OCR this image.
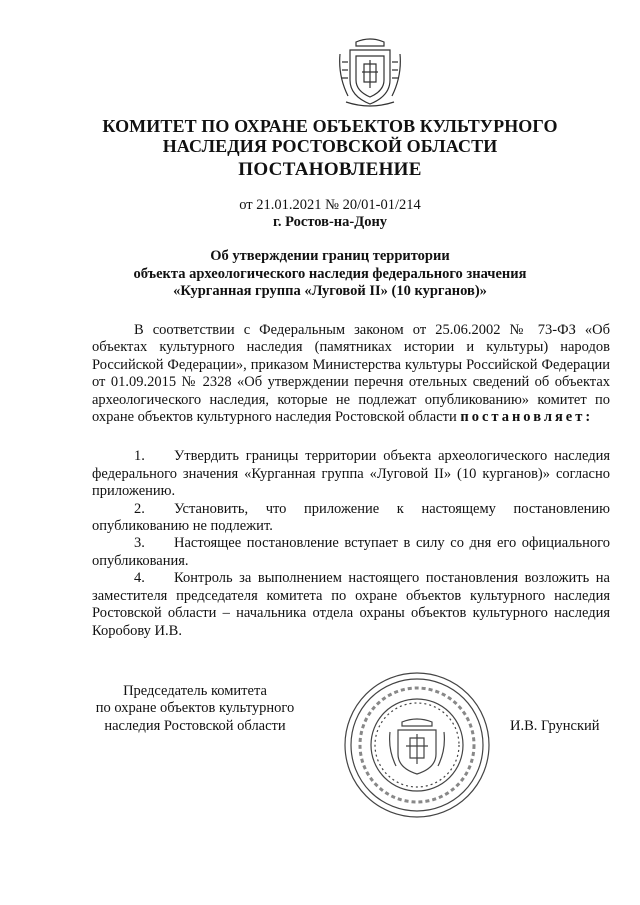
КОМИТЕТ ПО ОХРАНЕ ОБЪЕКТОВ КУЛЬТУРНОГО
НАСЛЕДИЯ РОСТОВСКОЙ ОБЛАСТИ
ПОСТАНОВЛЕНИЕ
от 21.01.2021 № 20/01-01/214
г. Ростов-на-Дону
Об утверждении границ территории
объекта археологического наследия федерального значения
«Курганная группа «Луговой II» (10 курганов)»

В соответствии с Федеральным законом от 25.06.2002 № 73-ФЗ «Об объектах культурного наследия (памятниках истории и культуры) народов Российской Федерации», приказом Министерства культуры Российской Федерации от 01.09.2015 № 2328 «Об утверждении перечня отельных сведений об объектах археологического наследия, которые не подлежат опубликованию» комитет по охране объектов культурного наследия Ростовской области постановляет:

1. Утвердить границы территории объекта археологического наследия федерального значения «Курганная группа «Луговой II» (10 курганов)» согласно приложению.

2. Установить, что приложение к настоящему постановлению опубликованию не подлежит.

3. Настоящее постановление вступает в силу со дня его официального опубликования.

4. Контроль за выполнением настоящего постановления возложить на заместителя председателя комитета по охране объектов культурного наследия Ростовской области – начальника отдела охраны объектов культурного наследия Коробову И.В.

Председатель комитета
по охране объектов культурного
наследия Ростовской области	И.В. Грунский
